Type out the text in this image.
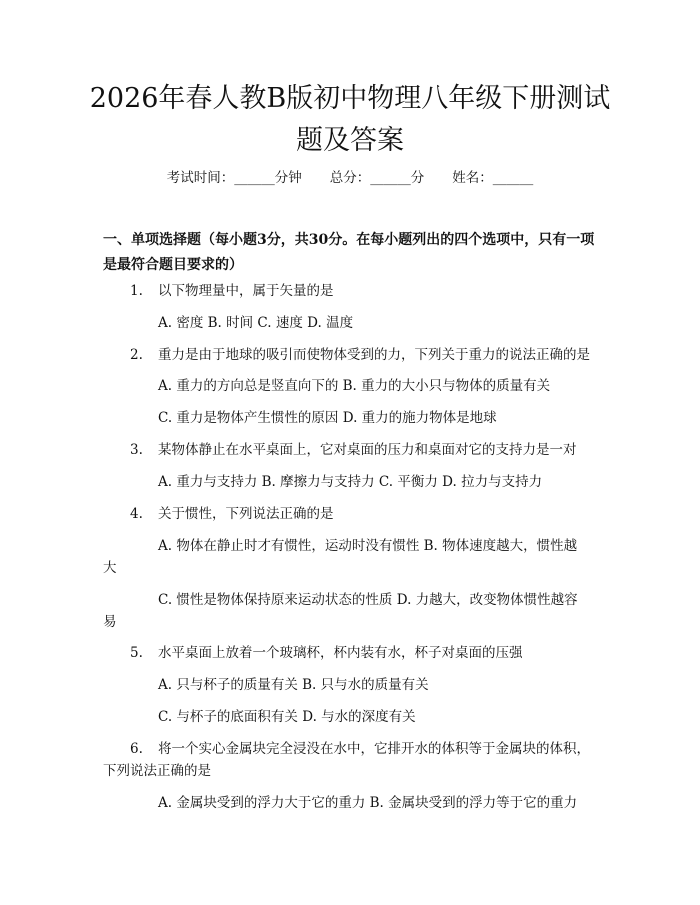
2026年春人教B版初中物理八年级下册测试
题及答案
考试时间：______分钟 总分：______分 姓名：______
一、单项选择题（每小题3分，共30分。在每小题列出的四个选项中，只有一项
是最符合题目要求的）
1. 以下物理量中，属于矢量的是
A. 密度 B. 时间 C. 速度 D. 温度
2. 重力是由于地球的吸引而使物体受到的力，下列关于重力的说法正确的是
A. 重力的方向总是竖直向下的 B. 重力的大小只与物体的质量有关
C. 重力是物体产生惯性的原因 D. 重力的施力物体是地球
3. 某物体静止在水平桌面上，它对桌面的压力和桌面对它的支持力是一对
A. 重力与支持力 B. 摩擦力与支持力 C. 平衡力 D. 拉力与支持力
4. 关于惯性，下列说法正确的是
A. 物体在静止时才有惯性，运动时没有惯性 B. 物体速度越大，惯性越
大
C. 惯性是物体保持原来运动状态的性质 D. 力越大，改变物体惯性越容
易
5. 水平桌面上放着一个玻璃杯，杯内装有水，杯子对桌面的压强
A. 只与杯子的质量有关 B. 只与水的质量有关
C. 与杯子的底面积有关 D. 与水的深度有关
6. 将一个实心金属块完全浸没在水中，它排开水的体积等于金属块的体积，
下列说法正确的是
A. 金属块受到的浮力大于它的重力 B. 金属块受到的浮力等于它的重力
